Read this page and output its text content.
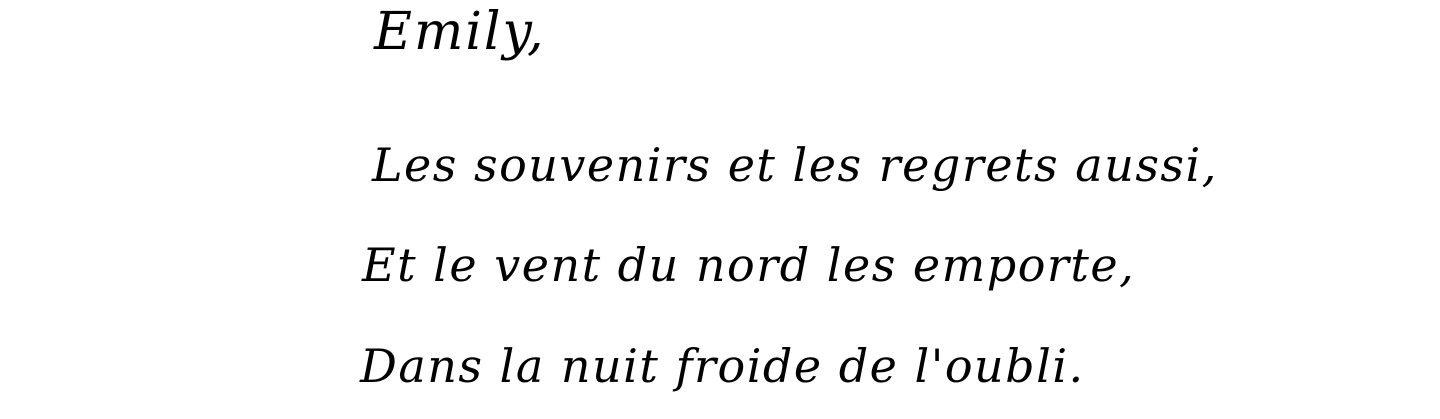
Emily,
Les souvenirs et les regrets aussi,
Et le vent du nord les emporte,
Dans la nuit froide de l'oubli.
